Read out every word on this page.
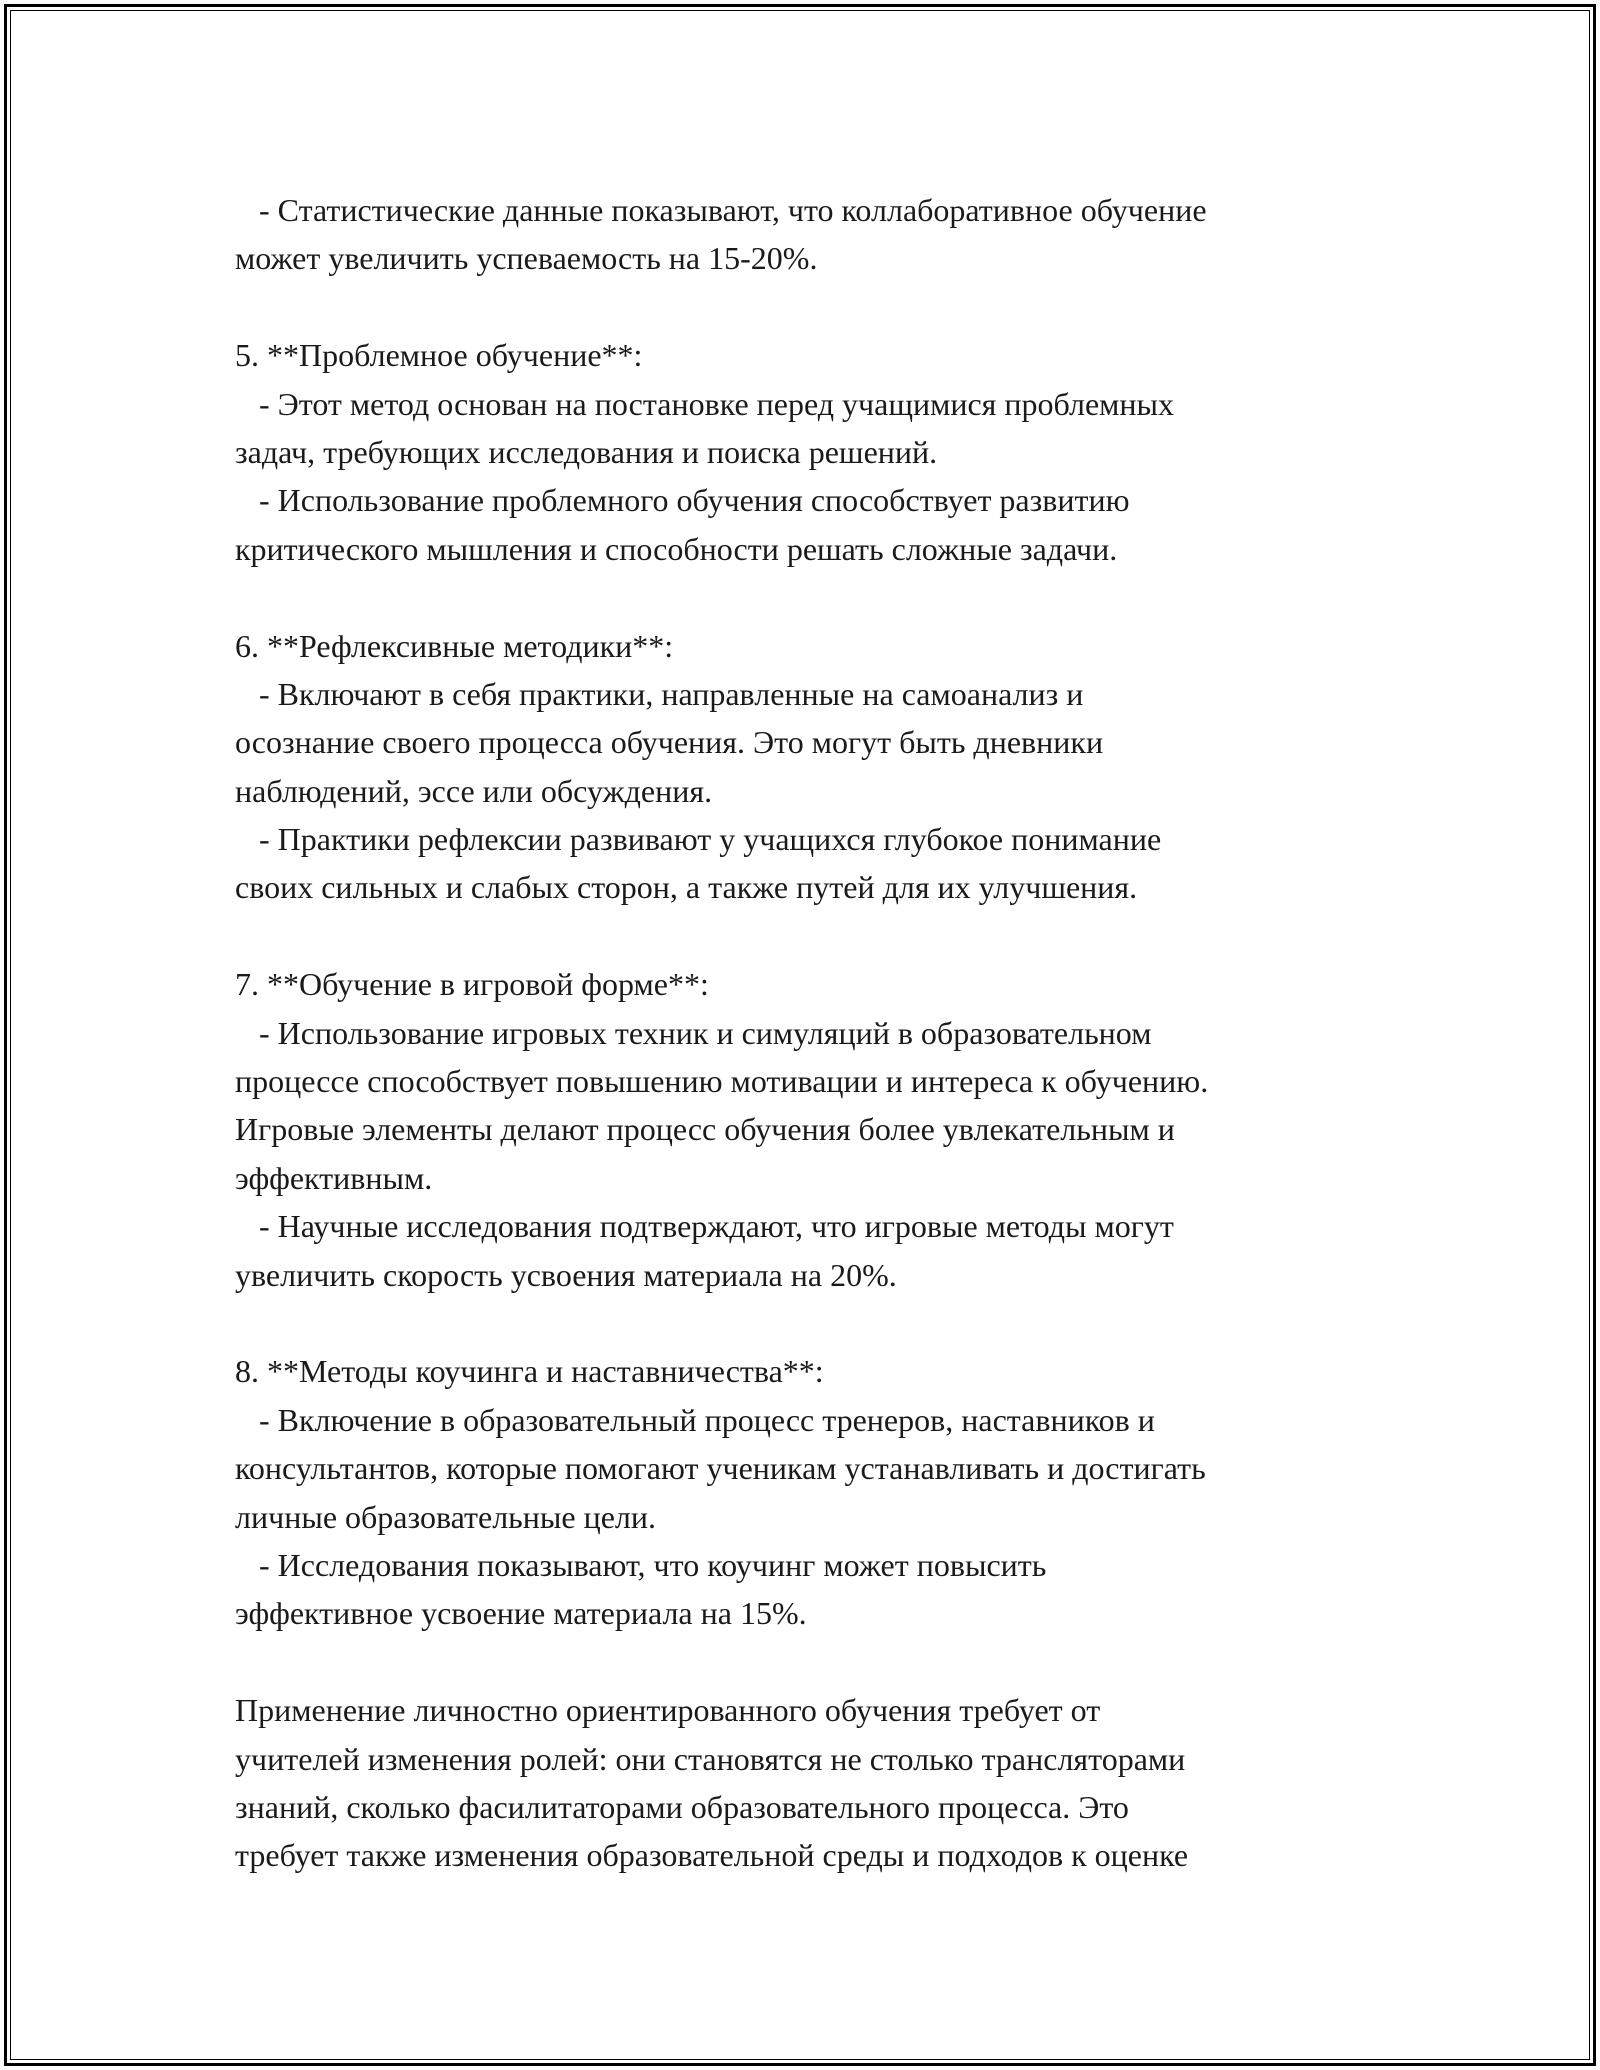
- Статистические данные показывают, что коллаборативное обучение
может увеличить успеваемость на 15-20%.
5. **Проблемное обучение**:
- Этот метод основан на постановке перед учащимися проблемных
задач, требующих исследования и поиска решений.
- Использование проблемного обучения способствует развитию
критического мышления и способности решать сложные задачи.
6. **Рефлексивные методики**:
- Включают в себя практики, направленные на самоанализ и
осознание своего процесса обучения. Это могут быть дневники
наблюдений, эссе или обсуждения.
- Практики рефлексии развивают у учащихся глубокое понимание
своих сильных и слабых сторон, а также путей для их улучшения.
7. **Обучение в игровой форме**:
- Использование игровых техник и симуляций в образовательном
процессе способствует повышению мотивации и интереса к обучению.
Игровые элементы делают процесс обучения более увлекательным и
эффективным.
- Научные исследования подтверждают, что игровые методы могут
увеличить скорость усвоения материала на 20%.
8. **Методы коучинга и наставничества**:
- Включение в образовательный процесс тренеров, наставников и
консультантов, которые помогают ученикам устанавливать и достигать
личные образовательные цели.
- Исследования показывают, что коучинг может повысить
эффективное усвоение материала на 15%.
Применение личностно ориентированного обучения требует от
учителей изменения ролей: они становятся не столько трансляторами
знаний, сколько фасилитаторами образовательного процесса. Это
требует также изменения образовательной среды и подходов к оценке
